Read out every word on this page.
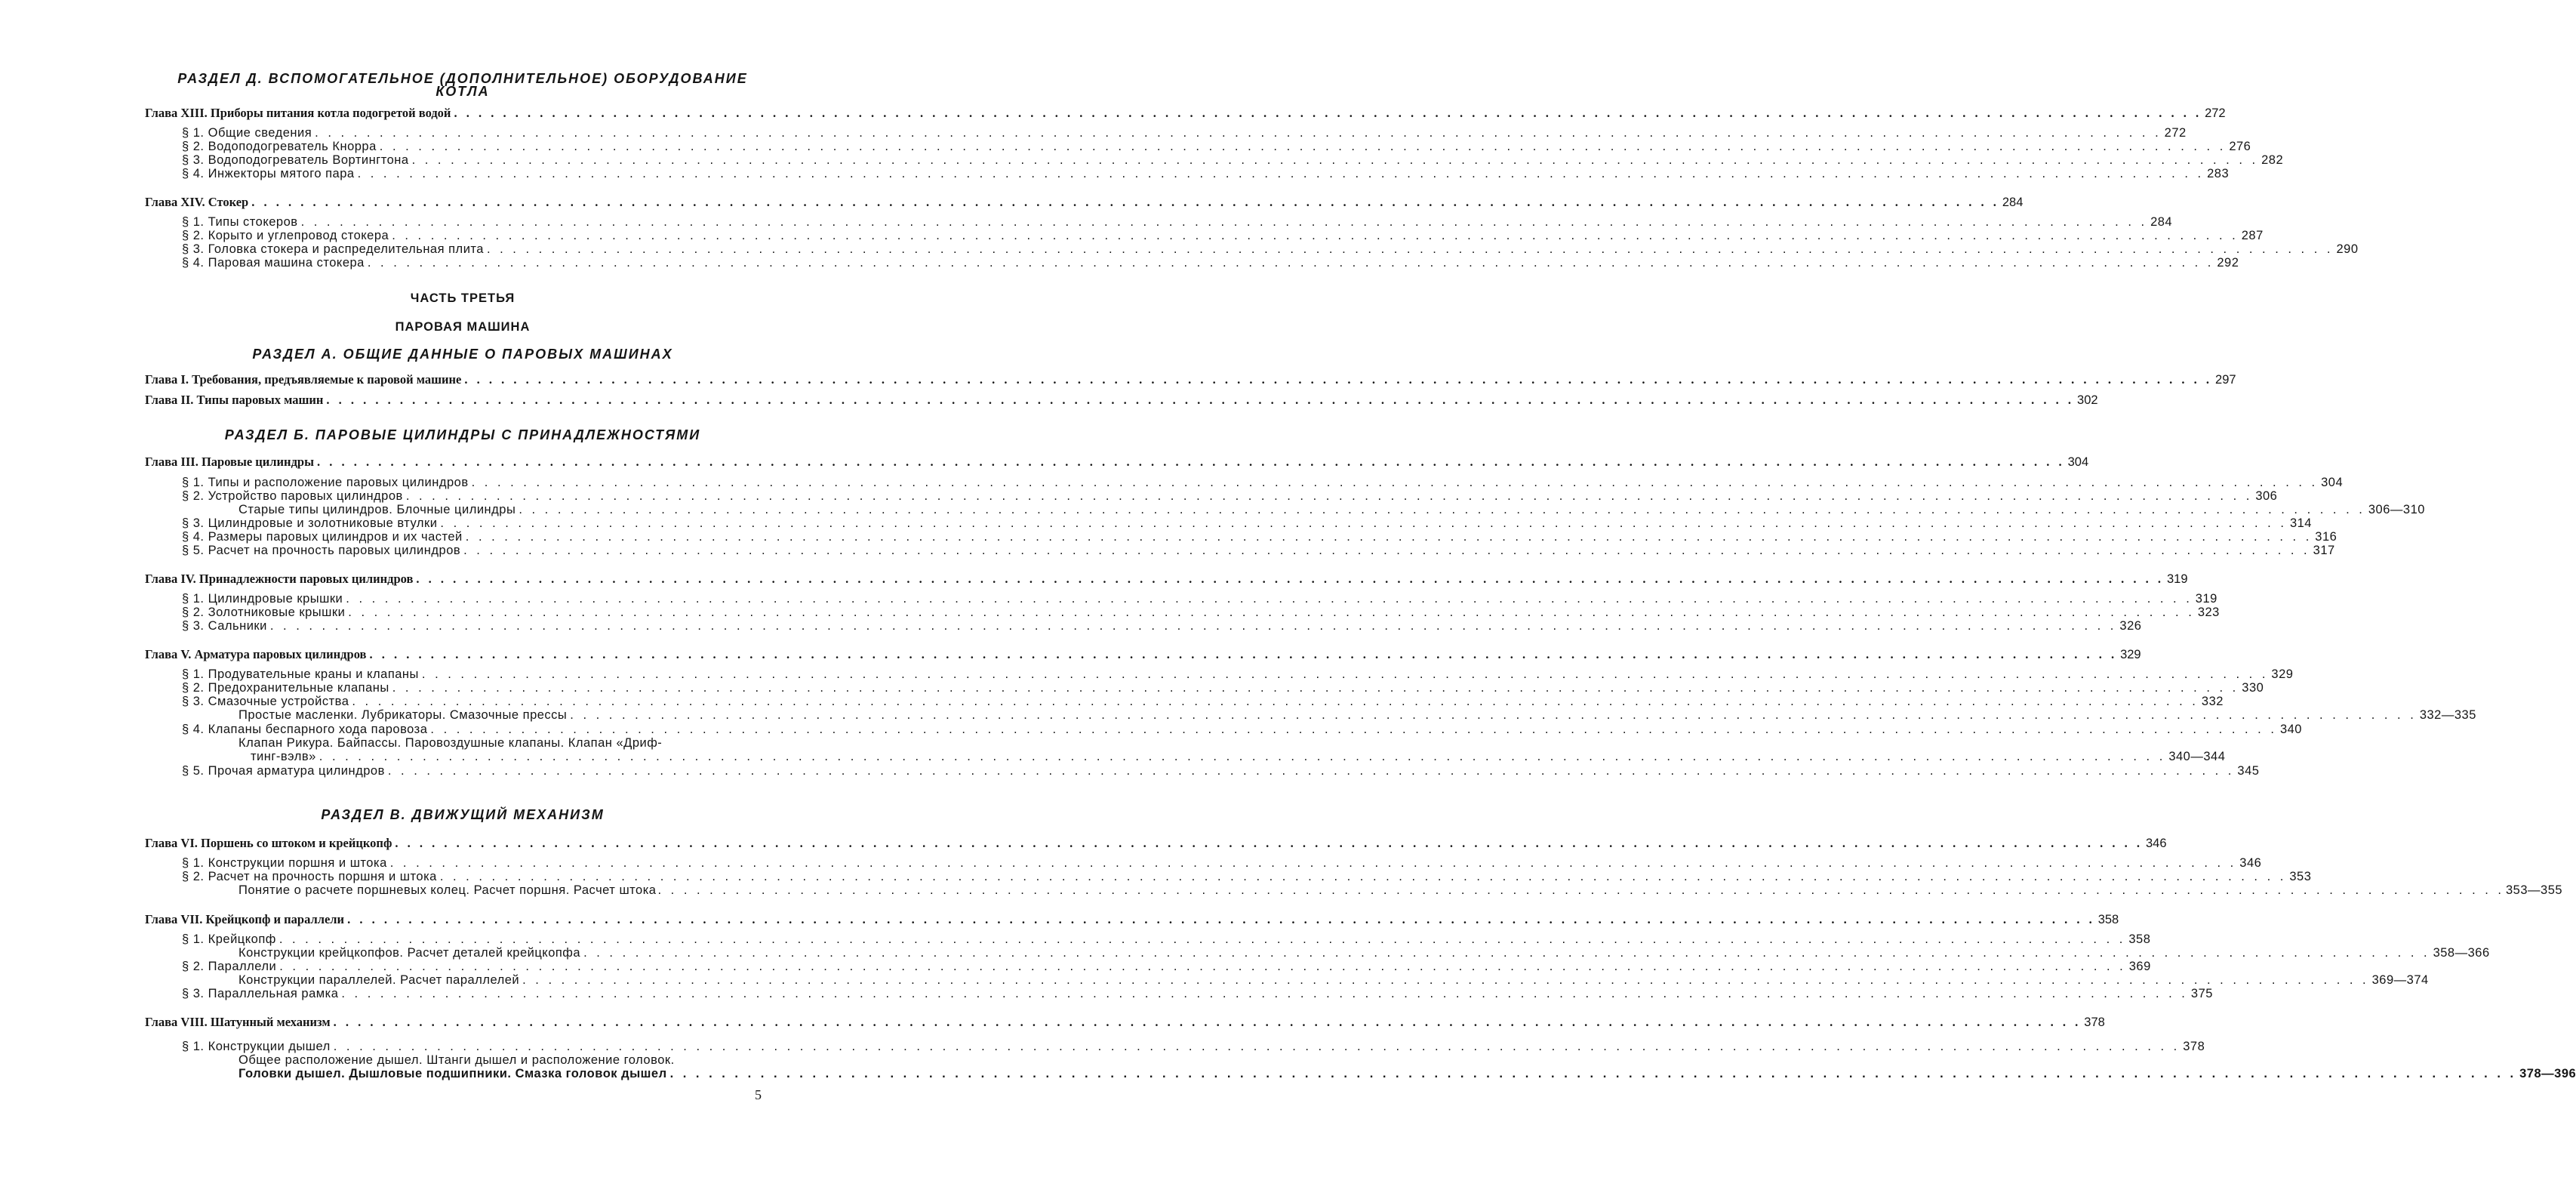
РАЗДЕЛ Д. ВСПОМОГАТЕЛЬНОЕ (ДОПОЛНИТЕЛЬНОЕ) ОБОРУДОВАНИЕ
КОТЛА
Глава XIII. Приборы питания котла подогретой водой . . .	272
§ 1. Общие сведения . . .	272
§ 2. Водоподогреватель Кнорра . . .	276
§ 3. Водоподогреватель Вортингтона . . .	282
§ 4. Инжекторы мятого пара . . .	283
Глава XIV. Стокер . . .	284
§ 1. Типы стокеров . . .	284
§ 2. Корыто и углепровод стокера . . .	287
§ 3. Головка стокера и распределительная плита . . .	290
§ 4. Паровая машина стокера . . .	292
ЧАСТЬ ТРЕТЬЯ
ПАРОВАЯ МАШИНА
РАЗДЕЛ А. ОБЩИЕ ДАННЫЕ О ПАРОВЫХ МАШИНАХ
Глава I. Требования, предъявляемые к паровой машине . . .	297
Глава II. Типы паровых машин . . .	302
РАЗДЕЛ Б. ПАРОВЫЕ ЦИЛИНДРЫ С ПРИНАДЛЕЖНОСТЯМИ
Глава III. Паровые цилиндры . . .	304
§ 1. Типы и расположение паровых цилиндров . . .	304
§ 2. Устройство паровых цилиндров . . .	306
Старые типы цилиндров. Блочные цилиндры . . .	306—310
§ 3. Цилиндровые и золотниковые втулки . . .	314
§ 4. Размеры паровых цилиндров и их частей . . .	316
§ 5. Расчет на прочность паровых цилиндров . . .	317
Глава IV. Принадлежности паровых цилиндров . . .	319
§ 1. Цилиндровые крышки . . .	319
§ 2. Золотниковые крышки . . .	323
§ 3. Сальники . . .	326
Глава V. Арматура паровых цилиндров . . .	329
§ 1. Продувательные краны и клапаны . . .	329
§ 2. Предохранительные клапаны . . .	330
§ 3. Смазочные устройства . . .	332
Простые масленки. Лубрикаторы. Смазочные прессы . . .	332—335
§ 4. Клапаны беспарного хода паровоза . . .	340
Клапан Рикура. Байпассы. Паровоздушные клапаны. Клапан «Дриф-
тинг-вэлв» . . .	340—344
§ 5. Прочая арматура цилиндров . . .	345
РАЗДЕЛ В. ДВИЖУЩИЙ МЕХАНИЗМ
Глава VI. Поршень со штоком и крейцкопф . . .	346
§ 1. Конструкции поршня и штока . . .	346
§ 2. Расчет на прочность поршня и штока . . .	353
Понятие о расчете поршневых колец. Расчет поршня. Расчет штока . . .	353—355
Глава VII. Крейцкопф и параллели . . .	358
§ 1. Крейцкопф . . .	358
Конструкции крейцкопфов. Расчет деталей крейцкопфа . . .	358—366
§ 2. Параллели . . .	369
Конструкции параллелей. Расчет параллелей . . .	369—374
§ 3. Параллельная рамка . . .	375
Глава VIII. Шатунный механизм . . .	378
§ 1. Конструкции дышел . . .	378
Общее расположение дышел. Штанги дышел и расположение головок.
Головки дышел. Дышловые подшипники. Смазка головок дышел . . .	378—396
5
